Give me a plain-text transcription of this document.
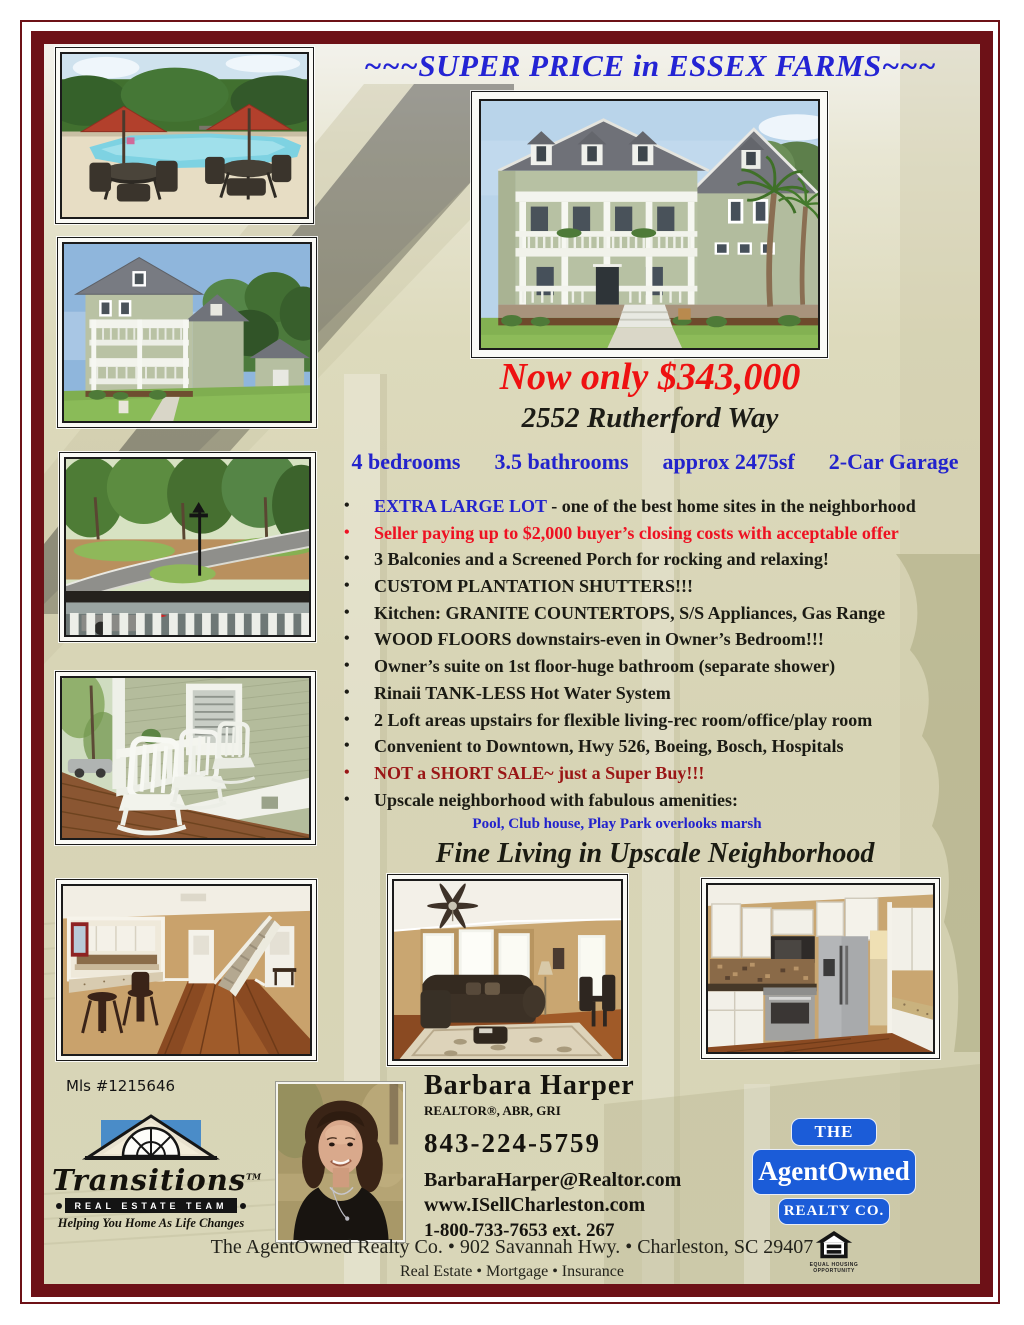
~~~SUPER PRICE in ESSEX FARMS~~~
Now only $343,000
2552 Rutherford Way
4 bedrooms 3.5 bathrooms approx 2475sf 2-Car Garage
•	EXTRA LARGE LOT - one of the best home sites in the neighborhood
•	Seller paying up to $2,000 buyer’s closing costs with acceptable offer
•	3 Balconies and a Screened Porch for rocking and relaxing!
•	CUSTOM PLANTATION SHUTTERS!!!
•	Kitchen: GRANITE COUNTERTOPS, S/S Appliances, Gas Range
•	WOOD FLOORS downstairs-even in Owner’s Bedroom!!!
•	Owner’s suite on 1st floor-huge bathroom (separate shower)
•	Rinaii TANK-LESS Hot Water System
•	2 Loft areas upstairs for flexible living-rec room/office/play room
•	Convenient to Downtown, Hwy 526, Boeing, Bosch, Hospitals
•	NOT a SHORT SALE~ just a Super Buy!!!
•	Upscale neighborhood with fabulous amenities:
Pool, Club house, Play Park overlooks marsh
Fine Living in Upscale Neighborhood
Mls #1215646
Transitions™
REAL ESTATE TEAM
Helping You Home As Life Changes
Barbara Harper
REALTOR®, ABR, GRI
843-224-5759
BarbaraHarper@Realtor.com
www.ISellCharleston.com
1-800-733-7653 ext. 267
THE
AgentOwned
REALTY CO.
EQUAL HOUSING OPPORTUNITY
The AgentOwned Realty Co. • 902 Savannah Hwy. • Charleston, SC 29407
Real Estate • Mortgage • Insurance
